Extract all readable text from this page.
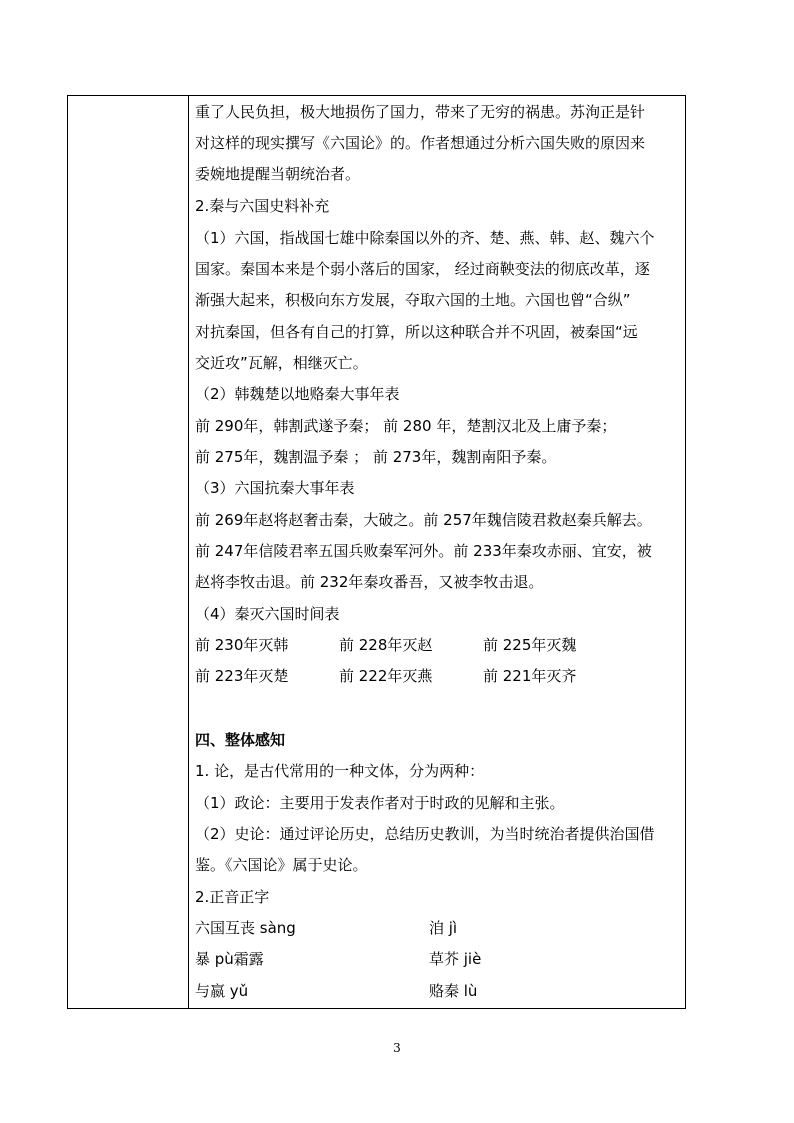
重了人民负担，极大地损伤了国力，带来了无穷的祸患。苏洵正是针
对这样的现实撰写《六国论》的。作者想通过分析六国失败的原因来
委婉地提醒当朝统治者。
2.秦与六国史料补充
（1）六国，指战国七雄中除秦国以外的齐、楚、燕、韩、赵、魏六个
国家。秦国本来是个弱小落后的国家， 经过商鞅变法的彻底改革，逐
渐强大起来，积极向东方发展，夺取六国的土地。六国也曾“合纵”
对抗秦国，但各有自己的打算，所以这种联合并不巩固，被秦国“远
交近攻”瓦解，相继灭亡。
（2）韩魏楚以地赂秦大事年表
前 290年，韩割武遂予秦； 前 280 年，楚割汉北及上庸予秦；
前 275年，魏割温予秦 ； 前 273年，魏割南阳予秦。
（3）六国抗秦大事年表
前 269年赵将赵奢击秦，大破之。前 257年魏信陵君救赵秦兵解去。
前 247年信陵君率五国兵败秦军河外。前 233年秦攻赤丽、宜安，被
赵将李牧击退。前 232年秦攻番吾，又被李牧击退。
（4）秦灭六国时间表
前 230年灭韩	前 228年灭赵	前 225年灭魏
前 223年灭楚	前 222年灭燕	前 221年灭齐
四、整体感知
1. 论，是古代常用的一种文体，分为两种：
（1）政论：主要用于发表作者对于时政的见解和主张。
（2）史论：通过评论历史，总结历史教训，为当时统治者提供治国借
鉴。《六国论》属于史论。
2.正音正字
六国互丧 sàng	洎 jì
暴 pù霜露	草芥 jiè
与嬴 yǔ	赂秦 lù
3
